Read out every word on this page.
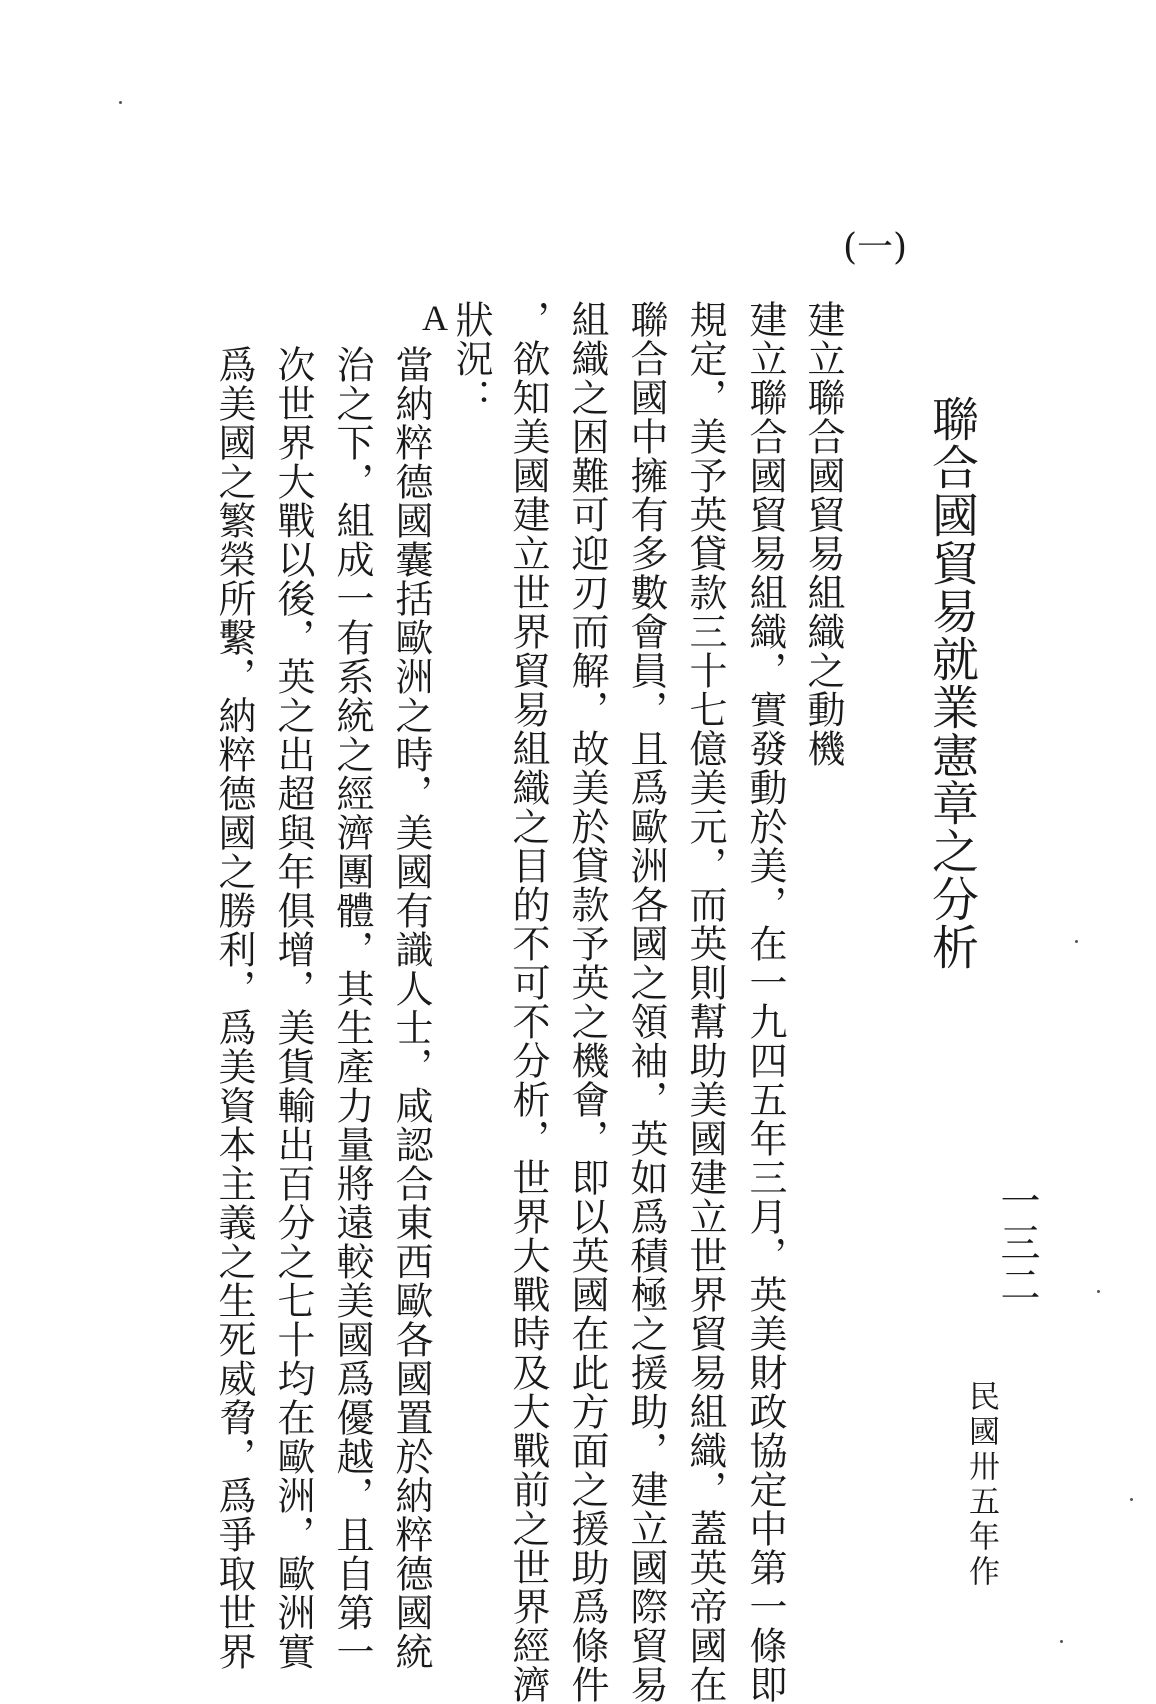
聯合國貿易就業憲章之分析
一三二
民國卅五年作
(一)
建立聯合國貿易組織之動機
建立聯合國貿易組織，實發動於美，在一九四五年三月，英美財政協定中第一條即
規定，美予英貸款三十七億美元，而英則幫助美國建立世界貿易組織，蓋英帝國在
聯合國中擁有多數會員，且爲歐洲各國之領袖，英如爲積極之援助，建立國際貿易
組織之困難可迎刃而解，故美於貸款予英之機會，即以英國在此方面之援助爲條件
，欲知美國建立世界貿易組織之目的不可不分析，世界大戰時及大戰前之世界經濟
狀況：
A
當納粹德國囊括歐洲之時，美國有識人士，咸認合東西歐各國置於納粹德國統
治之下，組成一有系統之經濟團體，其生產力量將遠較美國爲優越，且自第一
次世界大戰以後，英之出超與年俱增，美貨輸出百分之七十均在歐洲，歐洲實
爲美國之繁榮所繫，納粹德國之勝利，爲美資本主義之生死威脅，爲爭取世界
